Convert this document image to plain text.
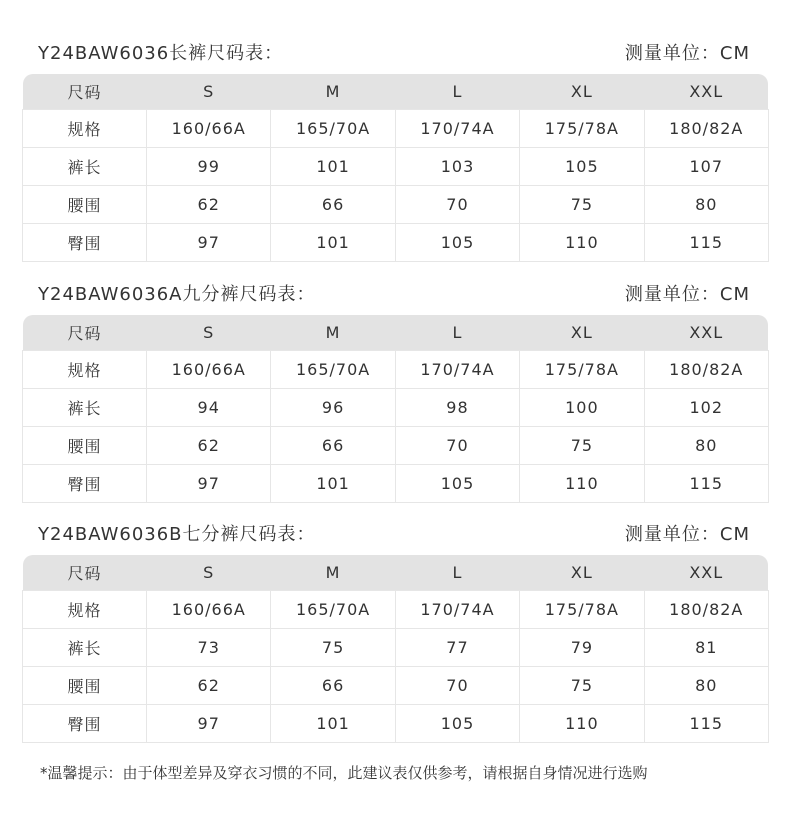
Y24BAW6036长裤尺码表：	测量单位：CM
尺码	S	M	L	XL	XXL
规格	160/66A	165/70A	170/74A	175/78A	180/82A
裤长	99	101	103	105	107
腰围	62	66	70	75	80
臀围	97	101	105	110	115
Y24BAW6036A九分裤尺码表：	测量单位：CM
尺码	S	M	L	XL	XXL
规格	160/66A	165/70A	170/74A	175/78A	180/82A
裤长	94	96	98	100	102
腰围	62	66	70	75	80
臀围	97	101	105	110	115
Y24BAW6036B七分裤尺码表：	测量单位：CM
尺码	S	M	L	XL	XXL
规格	160/66A	165/70A	170/74A	175/78A	180/82A
裤长	73	75	77	79	81
腰围	62	66	70	75	80
臀围	97	101	105	110	115
*温馨提示：由于体型差异及穿衣习惯的不同，此建议表仅供参考，请根据自身情况进行选购
